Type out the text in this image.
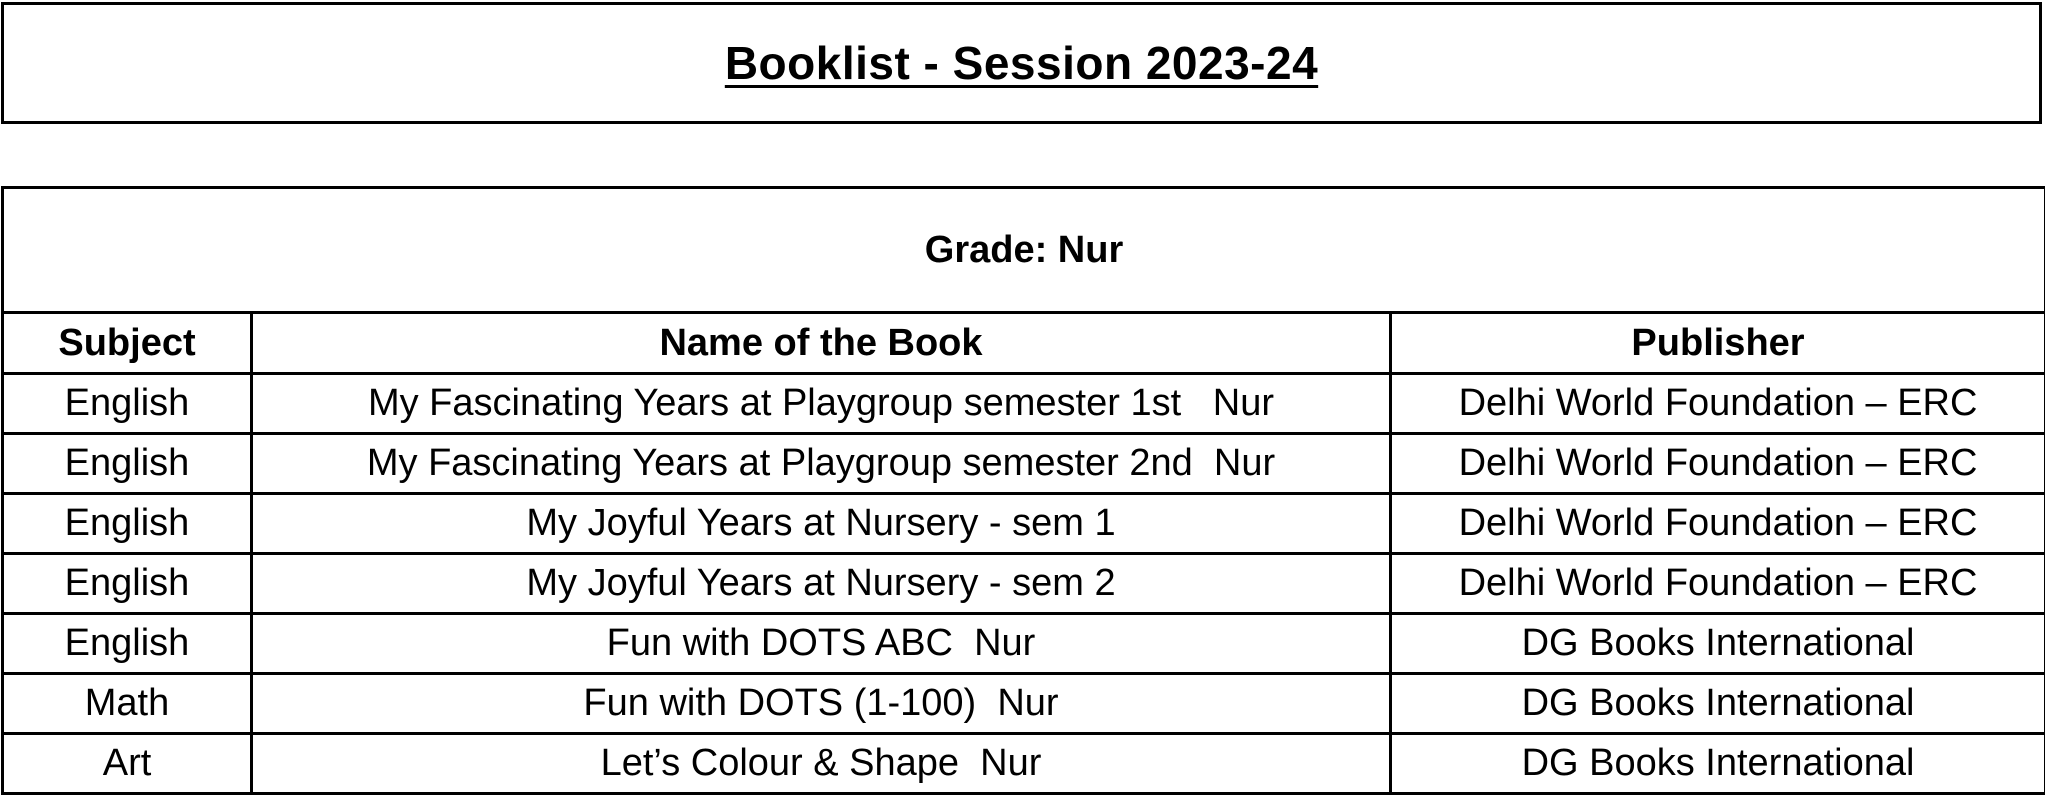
Booklist - Session 2023-24
Grade: Nur		
Subject	Name of the Book	Publisher
English	My Fascinating Years at Playgroup semester 1st   Nur	Delhi World Foundation – ERC
English	My Fascinating Years at Playgroup semester 2nd  Nur	Delhi World Foundation – ERC
English	My Joyful Years at Nursery - sem 1	Delhi World Foundation – ERC
English	My Joyful Years at Nursery - sem 2	Delhi World Foundation – ERC
English	Fun with DOTS ABC  Nur	DG Books International
Math	Fun with DOTS (1-100)  Nur	DG Books International
Art	Let’s Colour & Shape  Nur	DG Books International
